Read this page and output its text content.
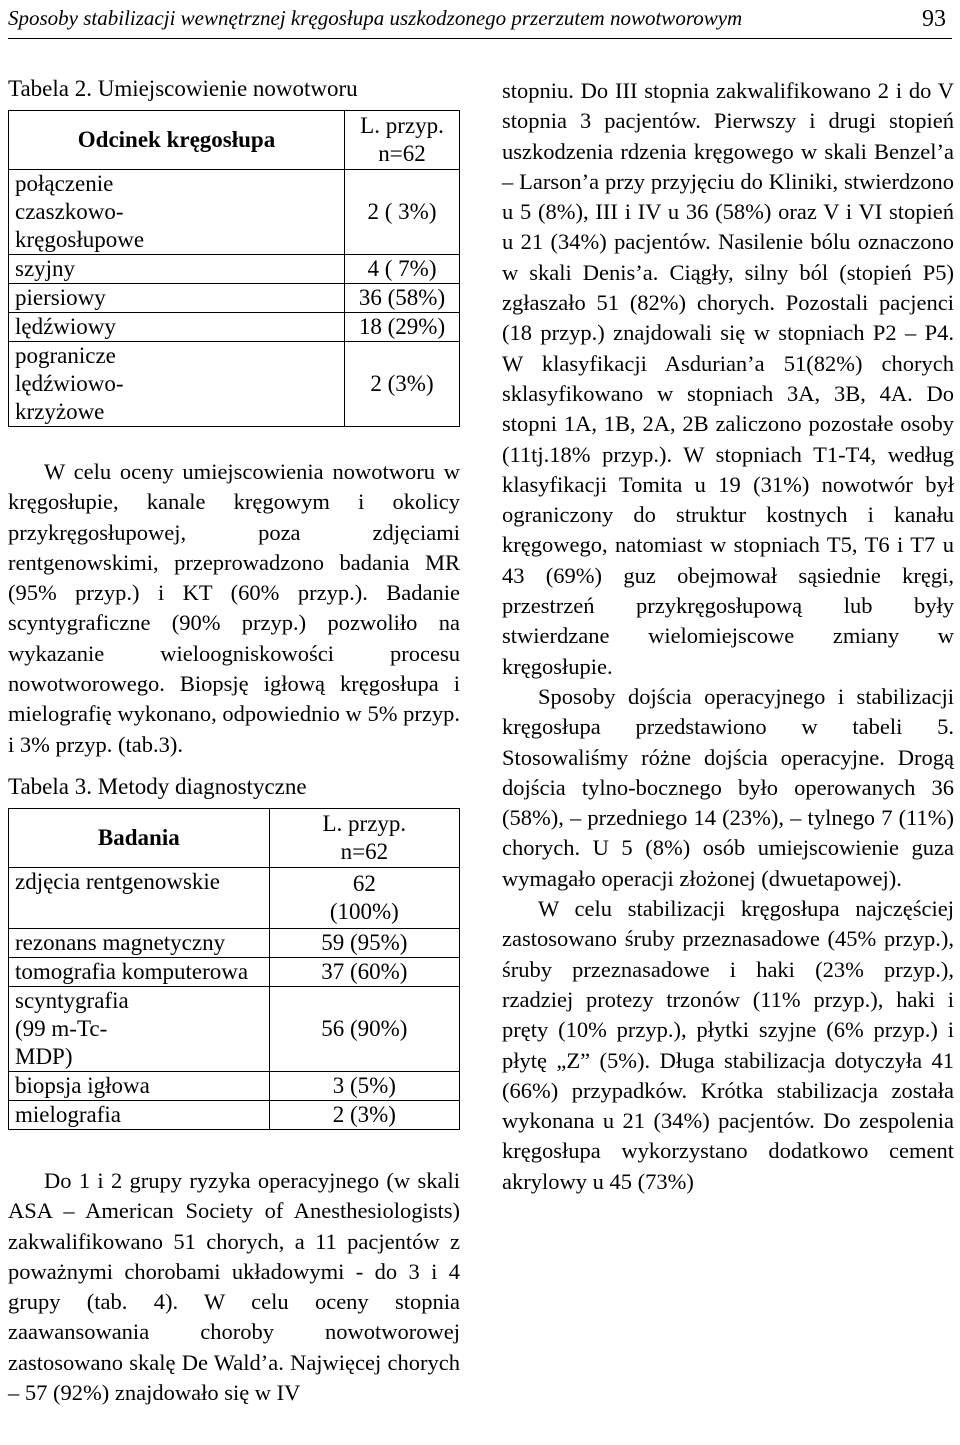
Sposoby stabilizacji wewnętrznej kręgosłupa uszkodzonego przerzutem nowotworowym	93

Tabela 2. Umiejscowienie nowotworu

Odcinek kręgosłupa	L. przyp.
n=62

połączenie czaszkowo-kręgosłupowe	2 ( 3%)
szyjny	4 ( 7%)
piersiowy	36 (58%)
lędźwiowy	18 (29%)
pogranicze lędźwiowo-krzyżowe	2 (3%)

W celu oceny umiejscowienia nowotworu w kręgosłupie, kanale kręgowym i okolicy przykręgosłupowej, poza zdjęciami rentgenowskimi, przeprowadzono badania MR (95% przyp.) i KT (60% przyp.). Badanie scyntygraficzne (90% przyp.) pozwoliło na wykazanie wieloogniskowości procesu nowotworowego. Biopsję igłową kręgosłupa i mielografię wykonano, odpowiednio w 5% przyp. i 3% przyp. (tab.3).

Tabela 3. Metody diagnostyczne

Badania	L. przyp.
n=62

zdjęcia rentgenowskie	62 (100%)
rezonans magnetyczny	59 (95%)
tomografia komputerowa	37 (60%)
scyntygrafia (99 m-Tc-MDP)	56 (90%)
biopsja igłowa	3 (5%)
mielografia	2 (3%)

Do 1 i 2 grupy ryzyka operacyjnego (w skali ASA – American Society of Anesthesiologists) zakwalifikowano 51 chorych, a 11 pacjentów z poważnymi chorobami układowymi - do 3 i 4 grupy (tab. 4). W celu oceny stopnia zaawansowania choroby nowotworowej zastosowano skalę De Wald’a. Najwięcej chorych – 57 (92%) znajdowało się w IV

stopniu. Do III stopnia zakwalifikowano 2 i do V stopnia 3 pacjentów. Pierwszy i drugi stopień uszkodzenia rdzenia kręgowego w skali Benzel’a – Larson’a przy przyjęciu do Kliniki, stwierdzono u 5 (8%), III i IV u 36 (58%) oraz V i VI stopień u 21 (34%) pacjentów. Nasilenie bólu oznaczono w skali Denis’a. Ciągły, silny ból (stopień P5) zgłaszało 51 (82%) chorych. Pozostali pacjenci (18 przyp.) znajdowali się w stopniach P2 – P4. W klasyfikacji Asdurian’a 51(82%) chorych sklasyfikowano w stopniach 3A, 3B, 4A. Do stopni 1A, 1B, 2A, 2B zaliczono pozostałe osoby (11tj.18% przyp.). W stopniach T1-T4, według klasyfikacji Tomita u 19 (31%) nowotwór był ograniczony do struktur kostnych i kanału kręgowego, natomiast w stopniach T5, T6 i T7 u 43 (69%) guz obejmował sąsiednie kręgi, przestrzeń przykręgosłupową lub były stwierdzane wielomiejscowe zmiany w kręgosłupie.

Sposoby dojścia operacyjnego i stabilizacji kręgosłupa przedstawiono w tabeli 5. Stosowaliśmy różne dojścia operacyjne. Drogą dojścia tylno-bocznego było operowanych 36 (58%), – przedniego 14 (23%), – tylnego 7 (11%) chorych. U 5 (8%) osób umiejscowienie guza wymagało operacji złożonej (dwuetapowej).

W celu stabilizacji kręgosłupa najczęściej zastosowano śruby przeznasadowe (45% przyp.), śruby przeznasadowe i haki (23% przyp.), rzadziej protezy trzonów (11% przyp.), haki i pręty (10% przyp.), płytki szyjne (6% przyp.) i płytę „Z” (5%). Długa stabilizacja dotyczyła 41 (66%) przypadków. Krótka stabilizacja została wykonana u 21 (34%) pacjentów. Do zespolenia kręgosłupa wykorzystano dodatkowo cement akrylowy u 45 (73%)
